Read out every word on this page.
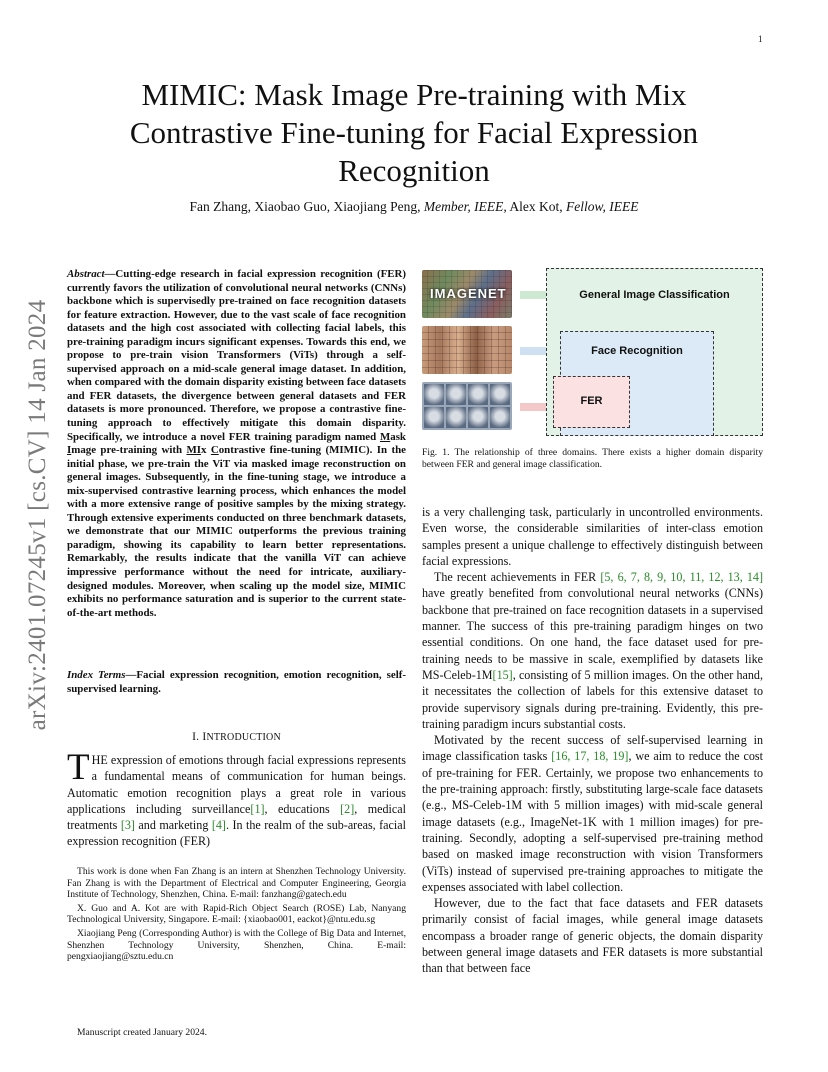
1
arXiv:2401.07245v1 [cs.CV] 14 Jan 2024
MIMIC: Mask Image Pre-training with Mix Contrastive Fine-tuning for Facial Expression Recognition
Fan Zhang, Xiaobao Guo, Xiaojiang Peng, Member, IEEE, Alex Kot, Fellow, IEEE
Abstract—Cutting-edge research in facial expression recognition (FER) currently favors the utilization of convolutional neural networks (CNNs) backbone which is supervisedly pre-trained on face recognition datasets for feature extraction. However, due to the vast scale of face recognition datasets and the high cost associated with collecting facial labels, this pre-training paradigm incurs significant expenses. Towards this end, we propose to pre-train vision Transformers (ViTs) through a self-supervised approach on a mid-scale general image dataset. In addition, when compared with the domain disparity existing between face datasets and FER datasets, the divergence between general datasets and FER datasets is more pronounced. Therefore, we propose a contrastive fine-tuning approach to effectively mitigate this domain disparity. Specifically, we introduce a novel FER training paradigm named Mask Image pre-training with MIx Contrastive fine-tuning (MIMIC). In the initial phase, we pre-train the ViT via masked image reconstruction on general images. Subsequently, in the fine-tuning stage, we introduce a mix-supervised contrastive learning process, which enhances the model with a more extensive range of positive samples by the mixing strategy. Through extensive experiments conducted on three benchmark datasets, we demonstrate that our MIMIC outperforms the previous training paradigm, showing its capability to learn better representations. Remarkably, the results indicate that the vanilla ViT can achieve impressive performance without the need for intricate, auxiliary-designed modules. Moreover, when scaling up the model size, MIMIC exhibits no performance saturation and is superior to the current state-of-the-art methods.
Index Terms—Facial expression recognition, emotion recognition, self-supervised learning.
I. INTRODUCTION
THE expression of emotions through facial expressions represents a fundamental means of communication for human beings. Automatic emotion recognition plays a great role in various applications including surveillance[1], educations [2], medical treatments [3] and marketing [4]. In the realm of the sub-areas, facial expression recognition (FER)

This work is done when Fan Zhang is an intern at Shenzhen Technology University. Fan Zhang is with the Department of Electrical and Computer Engineering, Georgia Institute of Technology, Shenzhen, China. E-mail: fanzhang@gatech.edu

X. Guo and A. Kot are with Rapid-Rich Object Search (ROSE) Lab, Nanyang Technological University, Singapore. E-mail: {xiaobao001, eackot}@ntu.edu.sg

Xiaojiang Peng (Corresponding Author) is with the College of Big Data and Internet, Shenzhen Technology University, Shenzhen, China. E-mail: pengxiaojiang@sztu.edu.cn

Manuscript created January 2024.
IMAGENET	General Image Classification
Face Recognition
FER
Fig. 1. The relationship of three domains. There exists a higher domain disparity between FER and general image classification.

is a very challenging task, particularly in uncontrolled environments. Even worse, the considerable similarities of inter-class emotion samples present a unique challenge to effectively distinguish between facial expressions.

The recent achievements in FER [5, 6, 7, 8, 9, 10, 11, 12, 13, 14] have greatly benefited from convolutional neural networks (CNNs) backbone that pre-trained on face recognition datasets in a supervised manner. The success of this pre-training paradigm hinges on two essential conditions. On one hand, the face dataset used for pre-training needs to be massive in scale, exemplified by datasets like MS-Celeb-1M[15], consisting of 5 million images. On the other hand, it necessitates the collection of labels for this extensive dataset to provide supervisory signals during pre-training. Evidently, this pre-training paradigm incurs substantial costs.

Motivated by the recent success of self-supervised learning in image classification tasks [16, 17, 18, 19], we aim to reduce the cost of pre-training for FER. Certainly, we propose two enhancements to the pre-training approach: firstly, substituting large-scale face datasets (e.g., MS-Celeb-1M with 5 million images) with mid-scale general image datasets (e.g., ImageNet-1K with 1 million images) for pre-training. Secondly, adopting a self-supervised pre-training method based on masked image reconstruction with vision Transformers (ViTs) instead of supervised pre-training approaches to mitigate the expenses associated with label collection.

However, due to the fact that face datasets and FER datasets primarily consist of facial images, while general image datasets encompass a broader range of generic objects, the domain disparity between general image datasets and FER datasets is more substantial than that between face
